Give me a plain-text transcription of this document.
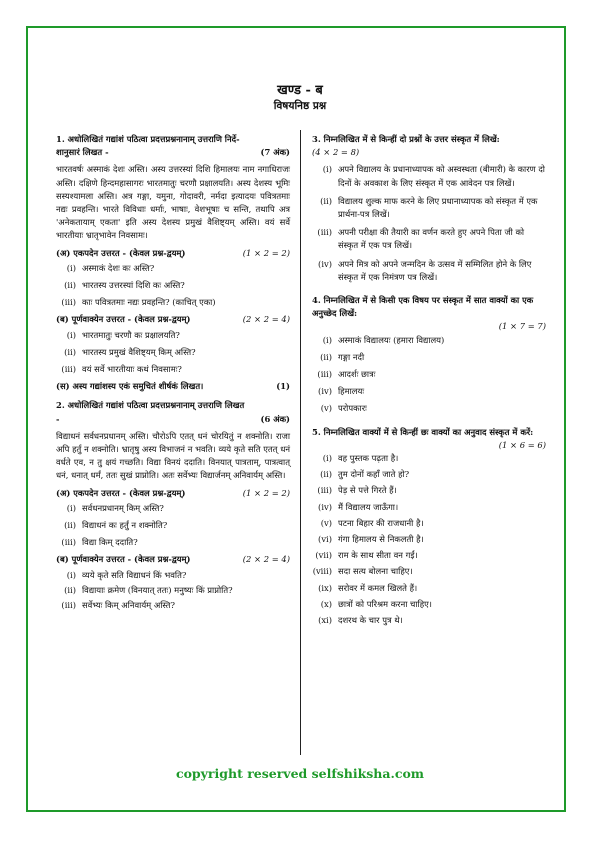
खण्ड - ब
विषयनिष्ठ प्रश्न

1. अधोलिखितं गद्यांशं पठित्वा प्रदत्तप्रश्ननानाम् उत्तराणि निर्दे-

शानुसारं लिखत -	(7 अंक)

भारतवर्षः अस्माकं देशः अस्ति। अस्य उत्तरस्यां दिशि हिमालयः नाम नगाधिराजः अस्ति। दक्षिणे हिन्दमहासागरः भारतमातुः चरणौ प्रक्षालयति। अस्य देशस्य भूमिः सस्यश्यामला अस्ति। अत्र गङ्गा, यमुना, गोदावरी, नर्मदा इत्यादयः पवित्रतमाः नद्यः प्रवहन्ति। भारते विविधाः धर्माः, भाषाः, वेशभूषाः च सन्ति, तथापि अत्र 'अनेकतायाम् एकता' इति अस्य देशस्य प्रमुखं वैशिष्ट्यम् अस्ति। वयं सर्वे भारतीयाः भ्रातृभावेन निवसामः।

(अ) एकपदेन उत्तरत - (केवल प्रश्न-द्वयम्)	(1 × 2 = 2)
(i) अस्माकं देशः कः अस्ति?
(ii) भारतस्य उत्तरस्यां दिशि कः अस्ति?
(iii) काः पवित्रतमाः नद्यः प्रवहन्ति? (काचित् एका)
(ब) पूर्णवाक्येन उत्तरत - (केवल प्रश्न-द्वयम्)	(2 × 2 = 4)
(i) भारतमातुः चरणौ कः प्रक्षालयति?
(ii) भारतस्य प्रमुखं वैशिष्ट्यम् किम् अस्ति?
(iii) वयं सर्वे भारतीयाः कथं निवसामः?
(स) अस्य गद्यांशस्य एकं समुचितं शीर्षकं लिखत।	(1)

2. अधोलिखितं गद्यांशं पठित्वा प्रदत्तप्रश्ननानाम् उत्तराणि लिखत

-	(6 अंक)

विद्याधनं सर्वधनप्रधानम् अस्ति। चौरोऽपि एतत् धनं चोरयितुं न शक्नोति। राजा अपि हर्तुं न शक्नोति। भ्रातृषु अस्य विभाजनं न भवति। व्यये कृते सति एतत् धनं वर्धते एव, न तु क्षयं गच्छति। विद्या विनयं ददाति। विनयात् पात्रताम्, पात्रत्वात् धनं, धनात् धर्मं, ततः सुखं प्राप्नोति। अतः सर्वेभ्यः विद्यार्जनम् अनिवार्यम् अस्ति।

(अ) एकपदेन उत्तरत - (केवल प्रश्न-द्वयम्)	(1 × 2 = 2)
(i) सर्वधनप्रधानम् किम् अस्ति?
(ii) विद्याधनं कः हर्तुं न शक्नोति?
(iii) विद्या किम् ददाति?
(ब) पूर्णवाक्येन उत्तरत - (केवल प्रश्न-द्वयम्)	(2 × 2 = 4)
(i) व्यये कृते सति विद्याधनं किं भवति?
(ii) विद्यायाः क्रमेण (विनयात् ततः) मनुष्यः किं प्राप्नोति?
(iii) सर्वेभ्यः किम् अनिवार्यम् अस्ति?

3. निम्नलिखित में से किन्हीं दो प्रश्नों के उत्तर संस्कृत में लिखें:

(4 × 2 = 8)

(i) अपने विद्यालय के प्रधानाध्यापक को अस्वस्थता (बीमारी) के कारण दो दिनों के अवकाश के लिए संस्कृत में एक आवेदन पत्र लिखें।
(ii) विद्यालय शुल्क माफ करने के लिए प्रधानाध्यापक को संस्कृत में एक प्रार्थना-पत्र लिखें।
(iii) अपनी परीक्षा की तैयारी का वर्णन करते हुए अपने पिता जी को संस्कृत में एक पत्र लिखें।
(iv) अपने मित्र को अपने जन्मदिन के उत्सव में सम्मिलित होने के लिए संस्कृत में एक निमंत्रण पत्र लिखें।

4. निम्नलिखित में से किसी एक विषय पर संस्कृत में सात वाक्यों का एक अनुच्छेद लिखें:

(1 × 7 = 7)
(i) अस्माकं विद्यालयः (हमारा विद्यालय)
(ii) गङ्गा नदी
(iii) आदर्शः छात्रः
(iv) हिमालयः
(v) परोपकारः

5. निम्नलिखित वाक्यों में से किन्हीं छः वाक्यों का अनुवाद संस्कृत में करें:

(1 × 6 = 6)
(i) वह पुस्तक पढ़ता है।
(ii) तुम दोनों कहाँ जाते हो?
(iii) पेड़ से पत्ते गिरते हैं।
(iv) मैं विद्यालय जाऊँगा।
(v) पटना बिहार की राजधानी है।
(vi) गंगा हिमालय से निकलती है।
(vii) राम के साथ सीता वन गईं।
(viii) सदा सत्य बोलना चाहिए।
(ix) सरोवर में कमल खिलते हैं।
(x) छात्रों को परिश्रम करना चाहिए।
(xi) दशरथ के चार पुत्र थे।
copyright reserved selfshiksha.com
